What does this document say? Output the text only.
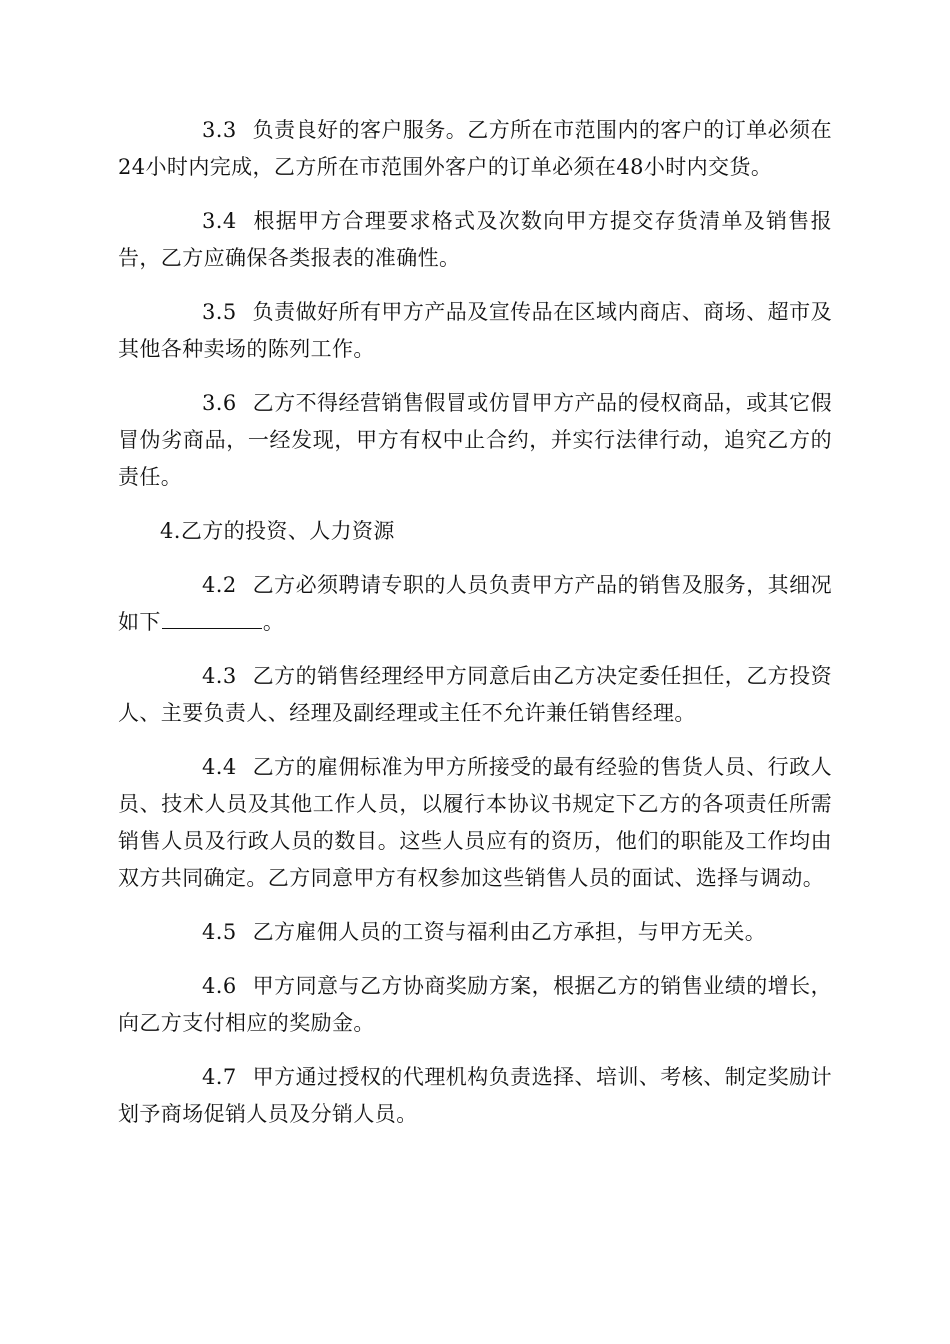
3.3 负责良好的客户服务。乙方所在市范围内的客户的订单必须在24小时内完成，乙方所在市范围外客户的订单必须在48小时内交货。

3.4 根据甲方合理要求格式及次数向甲方提交存货清单及销售报告，乙方应确保各类报表的准确性。

3.5 负责做好所有甲方产品及宣传品在区域内商店、商场、超市及其他各种卖场的陈列工作。

3.6 乙方不得经营销售假冒或仿冒甲方产品的侵权商品，或其它假冒伪劣商品，一经发现，甲方有权中止合约，并实行法律行动，追究乙方的责任。

4.乙方的投资、人力资源

4.2 乙方必须聘请专职的人员负责甲方产品的销售及服务，其细况如下	。

4.3 乙方的销售经理经甲方同意后由乙方决定委任担任，乙方投资人、主要负责人、经理及副经理或主任不允许兼任销售经理。

4.4 乙方的雇佣标准为甲方所接受的最有经验的售货人员、行政人员、技术人员及其他工作人员，以履行本协议书规定下乙方的各项责任所需销售人员及行政人员的数目。这些人员应有的资历，他们的职能及工作均由双方共同确定。乙方同意甲方有权参加这些销售人员的面试、选择与调动。

4.5 乙方雇佣人员的工资与福利由乙方承担，与甲方无关。

4.6 甲方同意与乙方协商奖励方案，根据乙方的销售业绩的增长，向乙方支付相应的奖励金。

4.7 甲方通过授权的代理机构负责选择、培训、考核、制定奖励计划予商场促销人员及分销人员。
